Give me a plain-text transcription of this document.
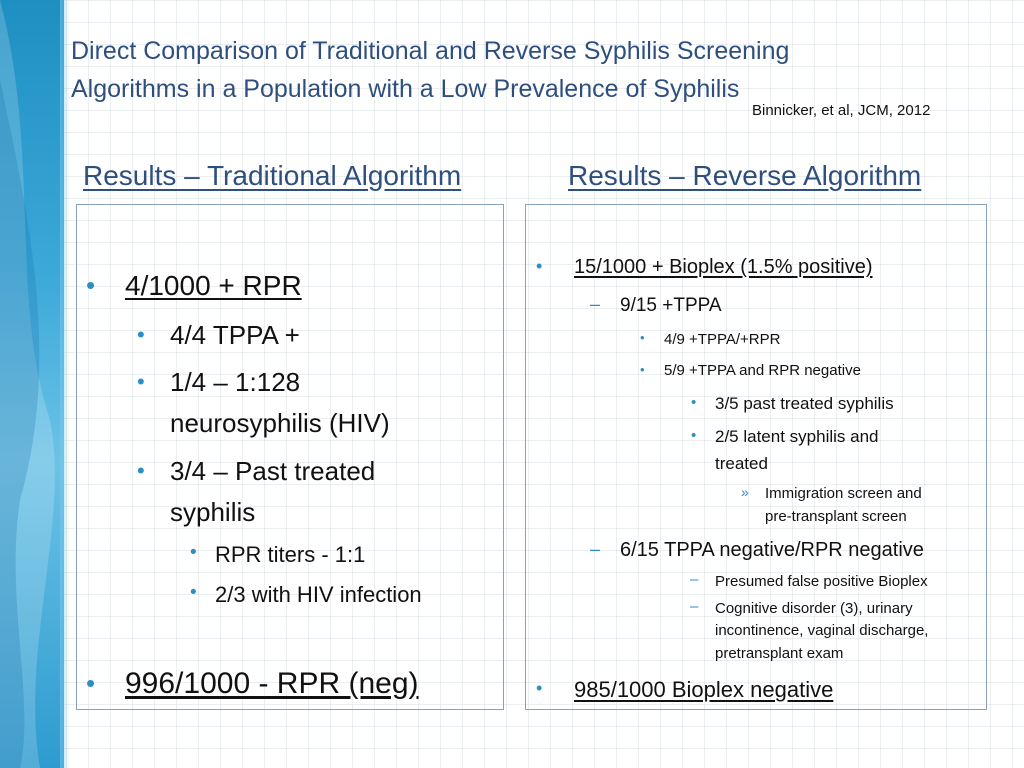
Direct Comparison of Traditional and Reverse Syphilis Screening
Algorithms in a Population with a Low Prevalence of Syphilis
Binnicker, et al, JCM, 2012
Results – Traditional Algorithm	Results – Reverse Algorithm
• 4/1000 + RPR
• 4/4 TPPA +
• 1/4 – 1:128
neurosyphilis (HIV)
• 3/4 – Past treated
syphilis
• RPR titers - 1:1
• 2/3 with HIV infection
• 996/1000 - RPR (neg)
• 15/1000 + Bioplex (1.5% positive)
– 9/15 +TPPA
• 4/9 +TPPA/+RPR
• 5/9 +TPPA and RPR negative
• 3/5 past treated syphilis
• 2/5 latent syphilis and
treated
» Immigration screen and
pre-transplant screen
– 6/15 TPPA negative/RPR negative
– Presumed false positive Bioplex
– Cognitive disorder (3), urinary
incontinence, vaginal discharge,
pretransplant exam
• 985/1000 Bioplex negative
